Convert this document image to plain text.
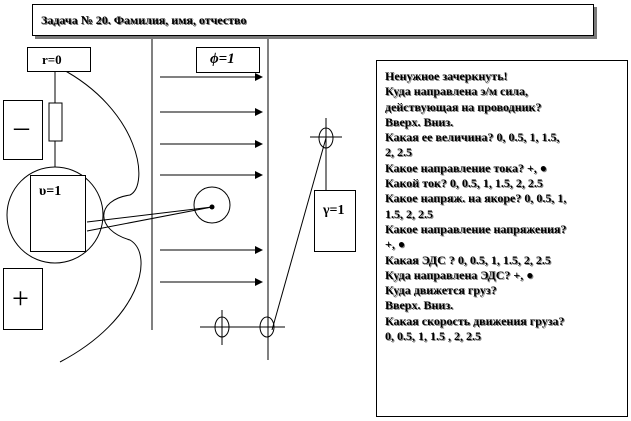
Задача № 20. Фамилия, имя, отчество
r=0	ϕ=1
–
+
υ=1
γ=1
Ненужное зачеркнуть!
Куда направлена э/м сила,
действующая на проводник?
Вверх. Вниз.
Какая ее величина? 0, 0.5, 1, 1.5,
2, 2.5
Какое направление тока? +, ●
Какой ток? 0, 0.5, 1, 1.5, 2, 2.5
Какое напряж. на якоре? 0, 0.5, 1,
1.5, 2, 2.5
Какое направление напряжения?
+, ●
Какая ЭДС ? 0, 0.5, 1, 1.5, 2, 2.5
Куда направлена ЭДС? +, ●
Куда движется груз?
Вверх. Вниз.
Какая скорость движения груза?
0, 0.5, 1, 1.5 , 2, 2.5
